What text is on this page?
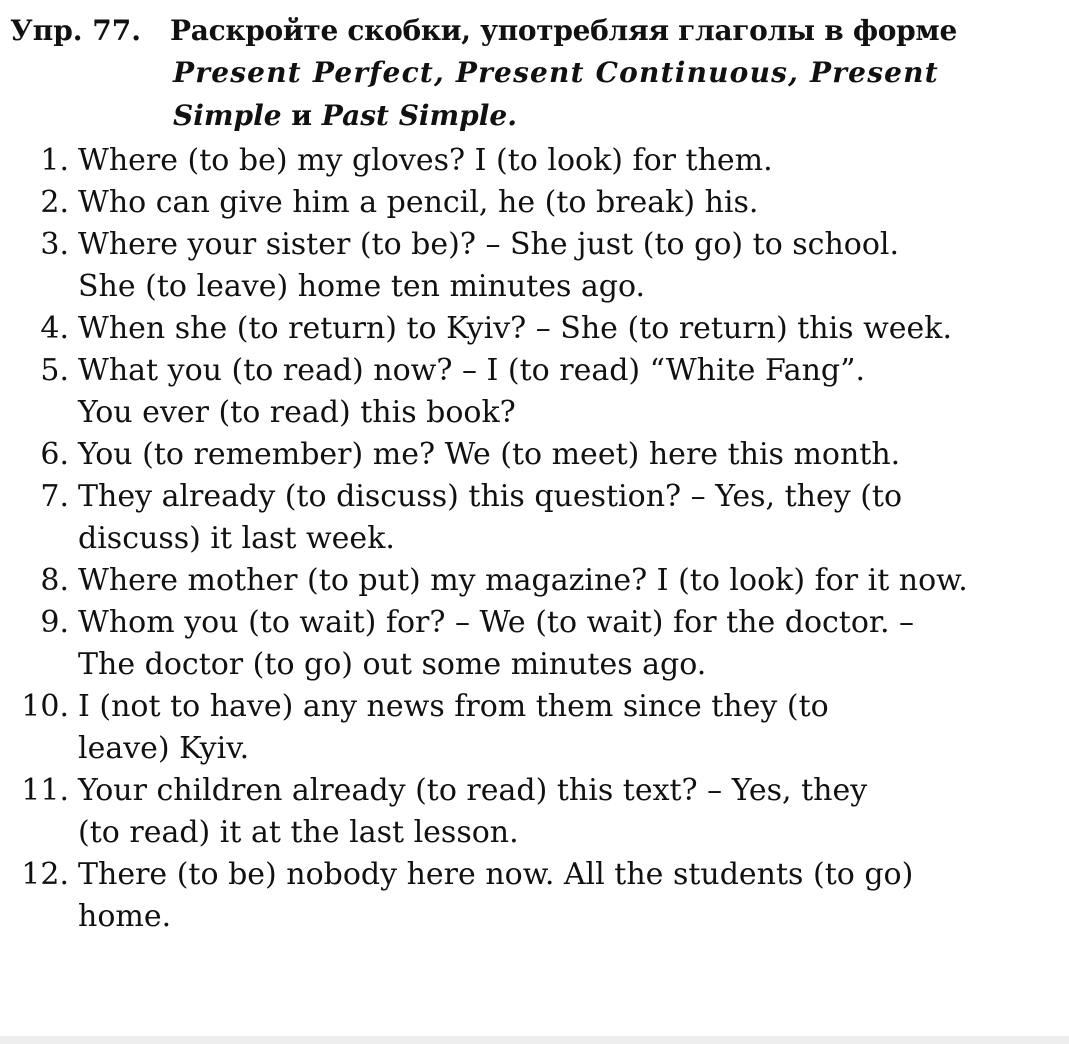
Упр. 77. Раскройте скобки, употребляя глаголы в форме
Present Perfect, Present Continuous, Present
Simple и Past Simple.
1. Where (to be) my gloves? I (to look) for them.
2. Who can give him a pencil, he (to break) his.
3. Where your sister (to be)? – She just (to go) to school.
She (to leave) home ten minutes ago.
4. When she (to return) to Kyiv? – She (to return) this week.
5. What you (to read) now? – I (to read) “White Fang”.
You ever (to read) this book?
6. You (to remember) me? We (to meet) here this month.
7. They already (to discuss) this question? – Yes, they (to
discuss) it last week.
8. Where mother (to put) my magazine? I (to look) for it now.
9. Whom you (to wait) for? – We (to wait) for the doctor. –
The doctor (to go) out some minutes ago.
10. I (not to have) any news from them since they (to
leave) Kyiv.
11. Your children already (to read) this text? – Yes, they
(to read) it at the last lesson.
12. There (to be) nobody here now. All the students (to go)
home.
